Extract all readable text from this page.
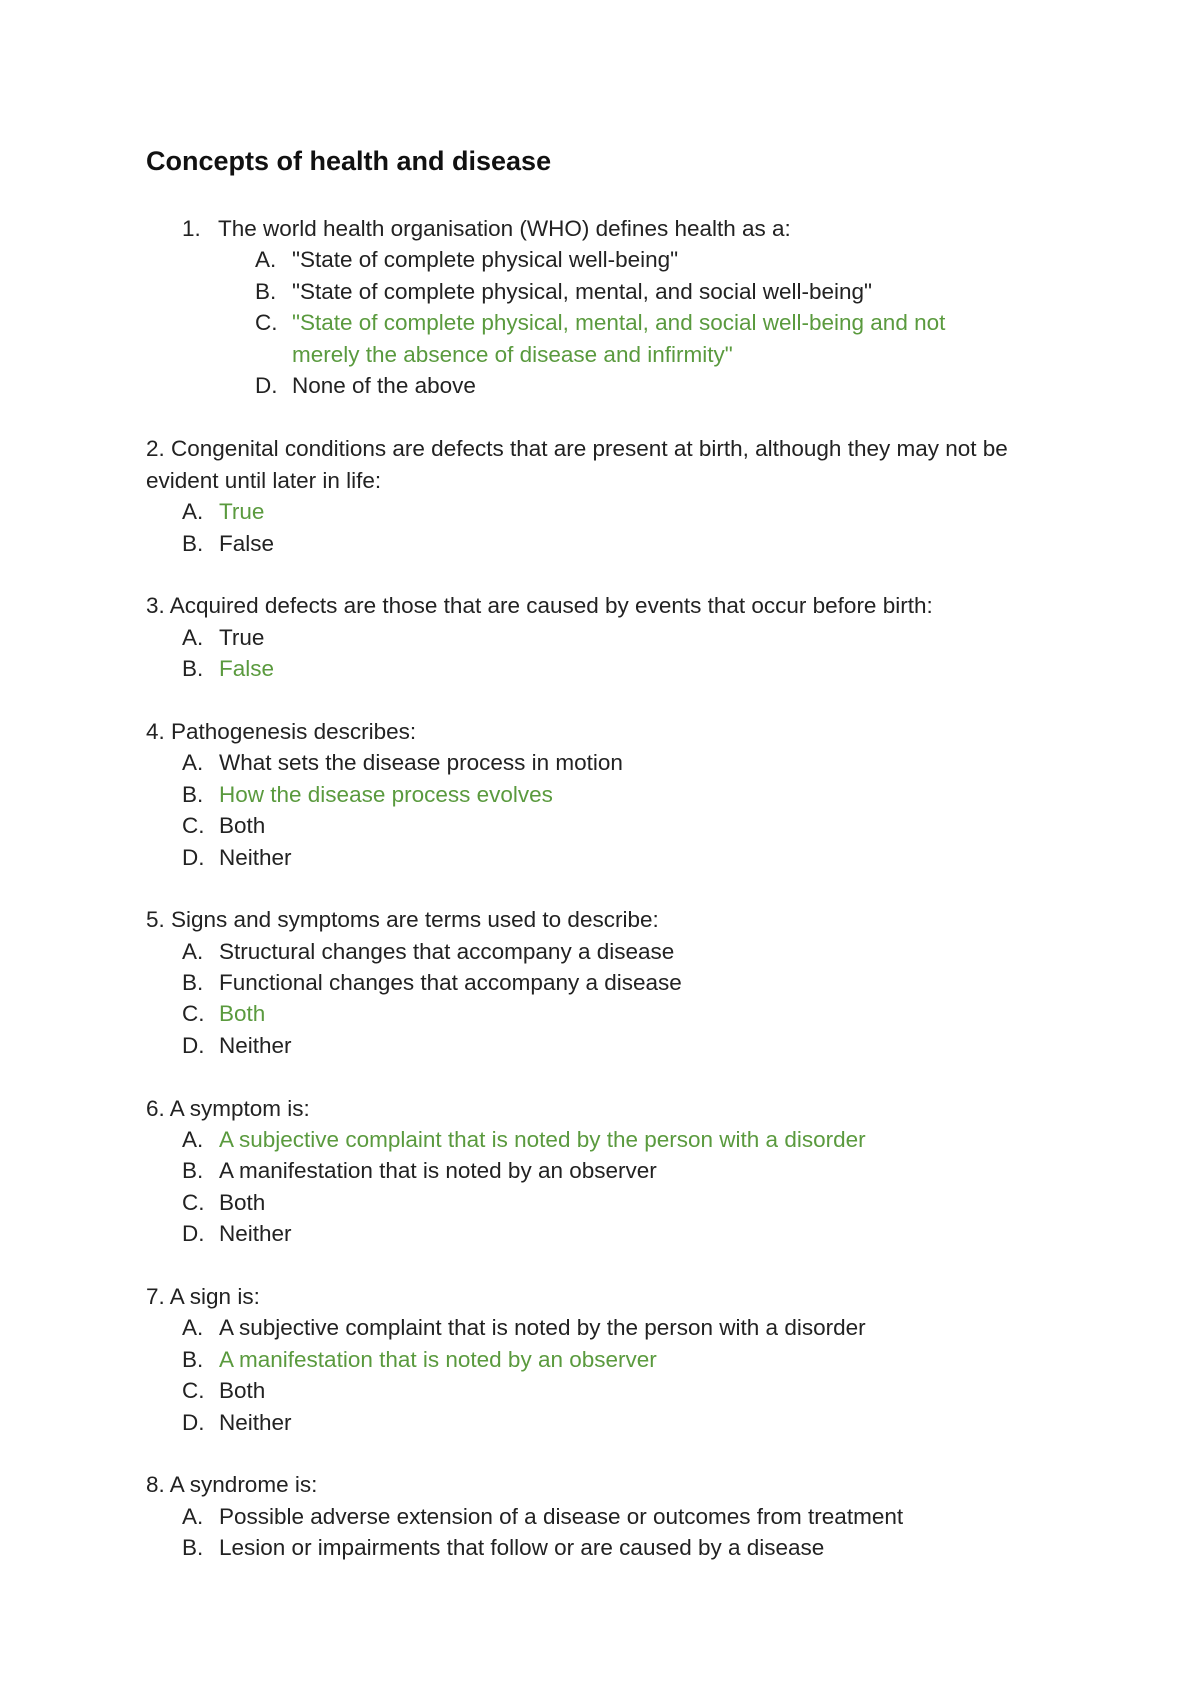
Concepts of health and disease
1. The world health organisation (WHO) defines health as a:
A. "State of complete physical well-being"
B. "State of complete physical, mental, and social well-being"
C. "State of complete physical, mental, and social well-being and not merely the absence of disease and infirmity"
D. None of the above
2. Congenital conditions are defects that are present at birth, although they may not be evident until later in life:
A. True
B. False
3. Acquired defects are those that are caused by events that occur before birth:
A. True
B. False
4. Pathogenesis describes:
A. What sets the disease process in motion
B. How the disease process evolves
C. Both
D. Neither
5. Signs and symptoms are terms used to describe:
A. Structural changes that accompany a disease
B. Functional changes that accompany a disease
C. Both
D. Neither
6. A symptom is:
A. A subjective complaint that is noted by the person with a disorder
B. A manifestation that is noted by an observer
C. Both
D. Neither
7. A sign is:
A. A subjective complaint that is noted by the person with a disorder
B. A manifestation that is noted by an observer
C. Both
D. Neither
8. A syndrome is:
A. Possible adverse extension of a disease or outcomes from treatment
B. Lesion or impairments that follow or are caused by a disease
